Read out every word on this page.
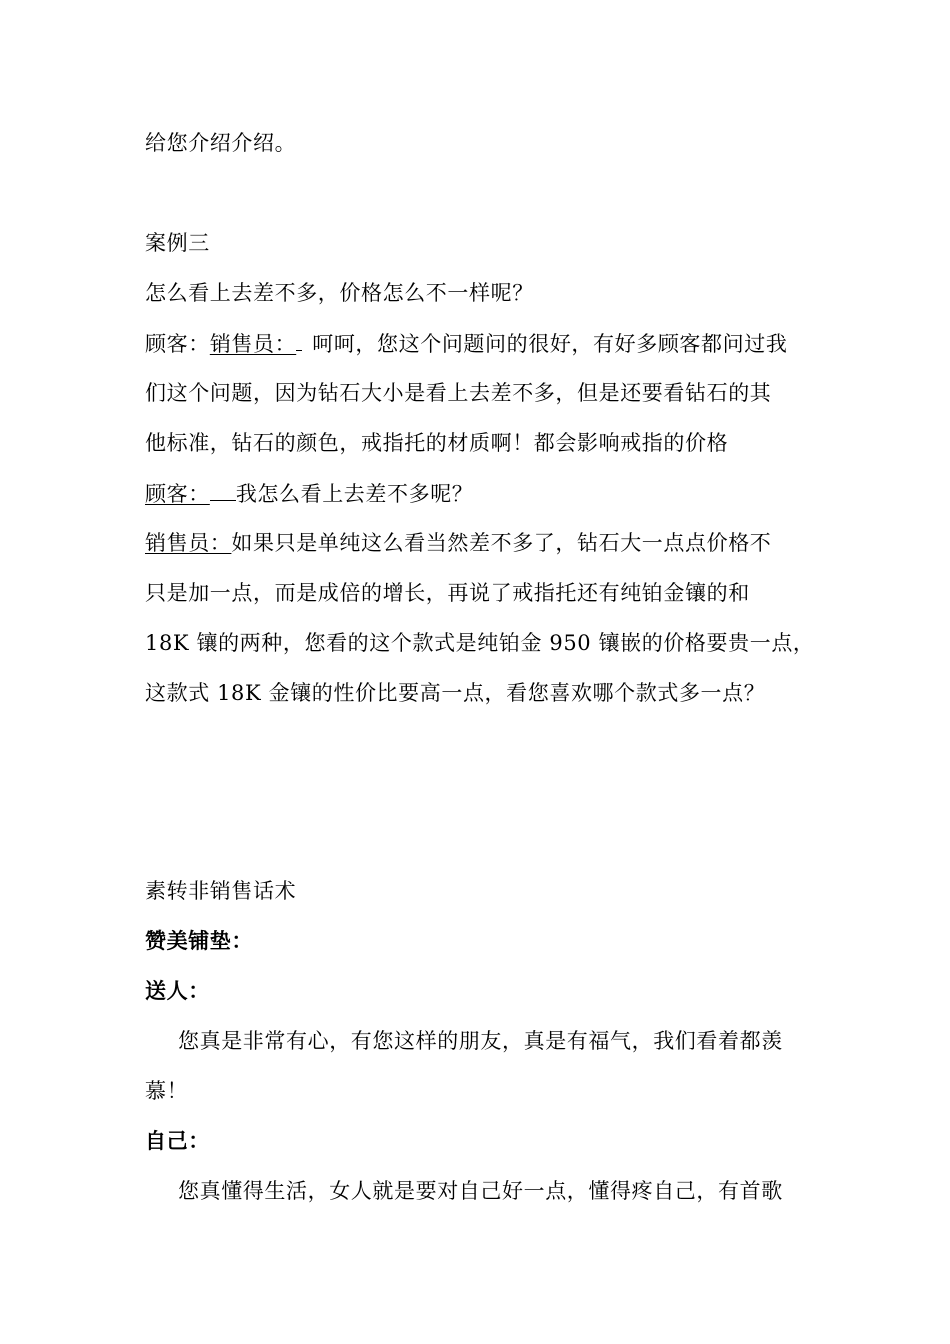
给您介绍介绍。
案例三
怎么看上去差不多，价格怎么不一样呢？
顾客：销售员： 呵呵，您这个问题问的很好，有好多顾客都问过我
们这个问题，因为钻石大小是看上去差不多，但是还要看钻石的其
他标准，钻石的颜色，戒指托的材质啊！都会影响戒指的价格
顾客： 我怎么看上去差不多呢？
销售员：如果只是单纯这么看当然差不多了，钻石大一点点价格不
只是加一点，而是成倍的增长，再说了戒指托还有纯铂金镶的和
18K 镶的两种，您看的这个款式是纯铂金 950 镶嵌的价格要贵一点，
这款式 18K 金镶的性价比要高一点，看您喜欢哪个款式多一点？
素转非销售话术
赞美铺垫：
送人：
您真是非常有心，有您这样的朋友，真是有福气，我们看着都羡
慕！
自己：
您真懂得生活，女人就是要对自己好一点，懂得疼自己，有首歌
